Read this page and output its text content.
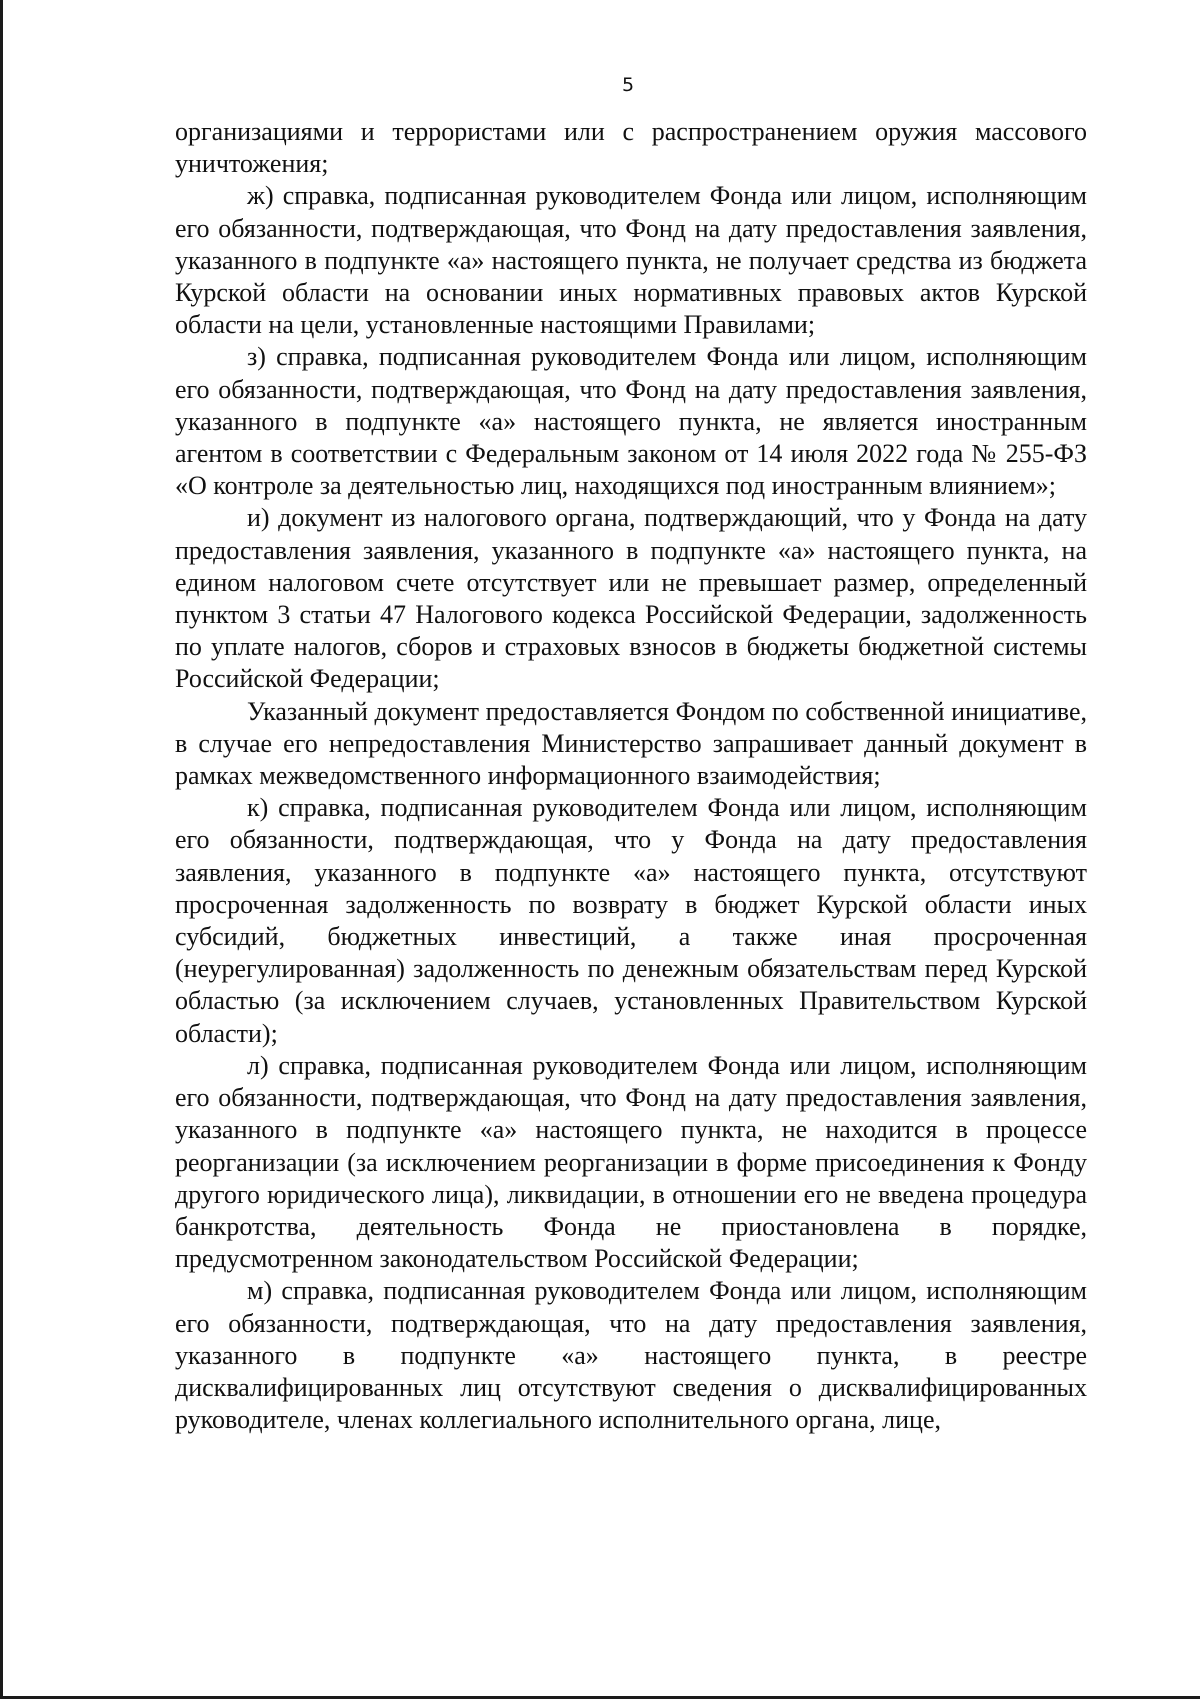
5

организациями и террористами или с распространением оружия массового уничтожения;

ж) справка, подписанная руководителем Фонда или лицом, исполняющим его обязанности, подтверждающая, что Фонд на дату предоставления заявления, указанного в подпункте «а» настоящего пункта, не получает средства из бюджета Курской области на основании иных нормативных правовых актов Курской области на цели, установленные настоящими Правилами;

з) справка, подписанная руководителем Фонда или лицом, исполняющим его обязанности, подтверждающая, что Фонд на дату предоставления заявления, указанного в подпункте «а» настоящего пункта, не является иностранным агентом в соответствии с Федеральным законом от 14 июля 2022 года № 255-ФЗ «О контроле за деятельностью лиц, находящихся под иностранным влиянием»;

и) документ из налогового органа, подтверждающий, что у Фонда на дату предоставления заявления, указанного в подпункте «а» настоящего пункта, на едином налоговом счете отсутствует или не превышает размер, определенный пунктом 3 статьи 47 Налогового кодекса Российской Федерации, задолженность по уплате налогов, сборов и страховых взносов в бюджеты бюджетной системы Российской Федерации;

Указанный документ предоставляется Фондом по собственной инициативе, в случае его непредоставления Министерство запрашивает данный документ в рамках межведомственного информационного взаимодействия;

к) справка, подписанная руководителем Фонда или лицом, исполняющим его обязанности, подтверждающая, что у Фонда на дату предоставления заявления, указанного в подпункте «а» настоящего пункта, отсутствуют просроченная задолженность по возврату в бюджет Курской области иных субсидий, бюджетных инвестиций, а также иная просроченная (неурегулированная) задолженность по денежным обязательствам перед Курской областью (за исключением случаев, установленных Правительством Курской области);

л) справка, подписанная руководителем Фонда или лицом, исполняющим его обязанности, подтверждающая, что Фонд на дату предоставления заявления, указанного в подпункте «а» настоящего пункта, не находится в процессе реорганизации (за исключением реорганизации в форме присоединения к Фонду другого юридического лица), ликвидации, в отношении его не введена процедура банкротства, деятельность Фонда не приостановлена в порядке, предусмотренном законодательством Российской Федерации;

м) справка, подписанная руководителем Фонда или лицом, исполняющим его обязанности, подтверждающая, что на дату предоставления заявления, указанного в подпункте «а» настоящего пункта, в реестре дисквалифицированных лиц отсутствуют сведения о дисквалифицированных руководителе, членах коллегиального исполнительного органа, лице,
